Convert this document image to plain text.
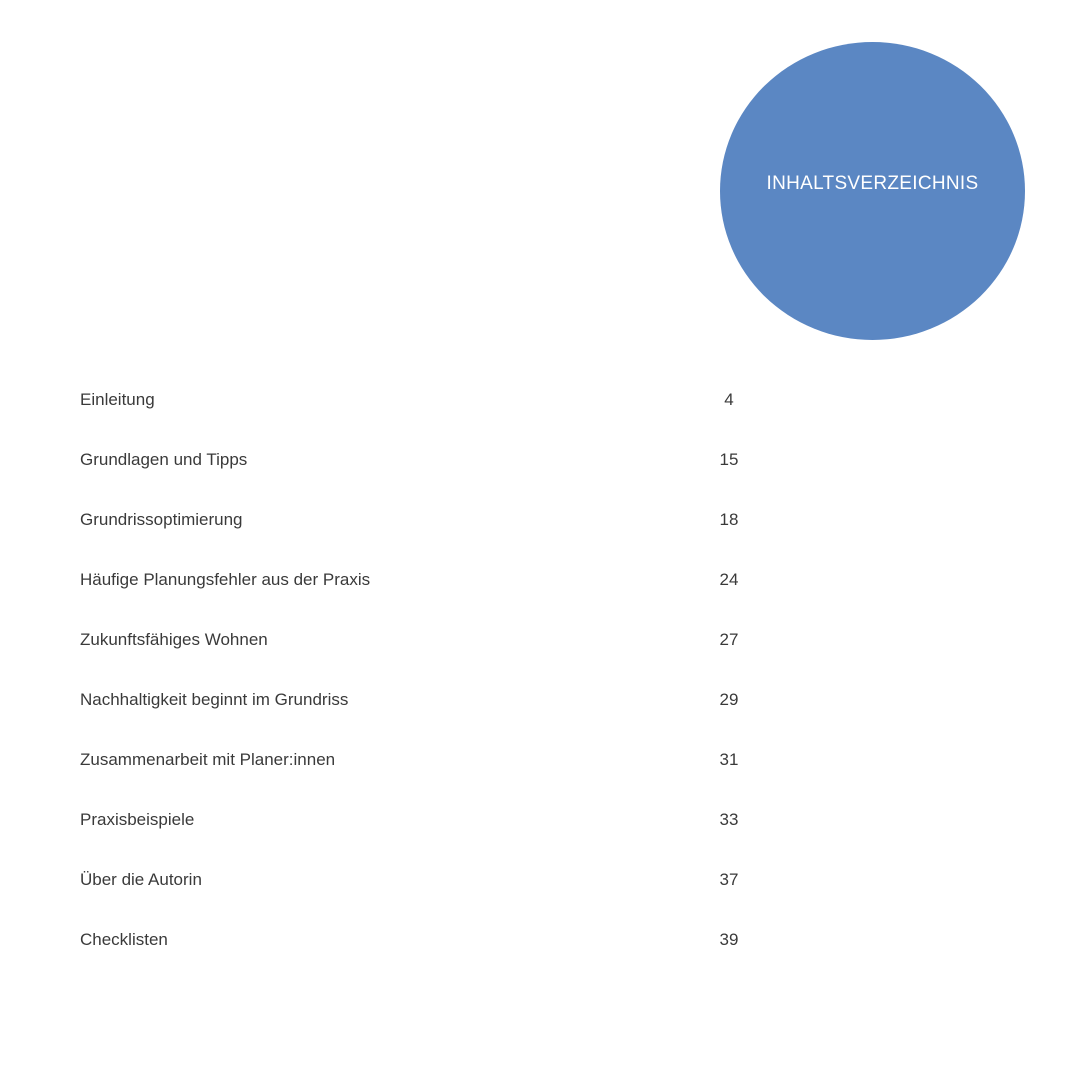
INHALTSVERZEICHNIS
Einleitung	4
Grundlagen und Tipps	15
Grundrissoptimierung	18
Häufige Planungsfehler aus der Praxis	24
Zukunftsfähiges Wohnen	27
Nachhaltigkeit beginnt im Grundriss	29
Zusammenarbeit mit Planer:innen	31
Praxisbeispiele	33
Über die Autorin	37
Checklisten	39
